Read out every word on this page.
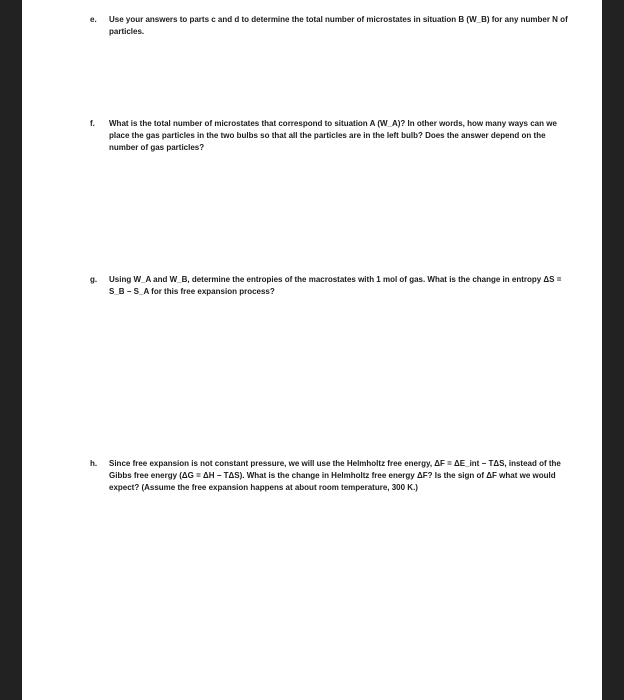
e. Use your answers to parts c and d to determine the total number of microstates in situation B (W_B) for any number N of particles.
f. What is the total number of microstates that correspond to situation A (W_A)? In other words, how many ways can we place the gas particles in the two bulbs so that all the particles are in the left bulb? Does the answer depend on the number of gas particles?
g. Using W_A and W_B, determine the entropies of the macrostates with 1 mol of gas. What is the change in entropy ΔS = S_B − S_A for this free expansion process?
h. Since free expansion is not constant pressure, we will use the Helmholtz free energy, ΔF = ΔE_int − TΔS, instead of the Gibbs free energy (ΔG = ΔH − TΔS). What is the change in Helmholtz free energy ΔF? Is the sign of ΔF what we would expect? (Assume the free expansion happens at about room temperature, 300 K.)
